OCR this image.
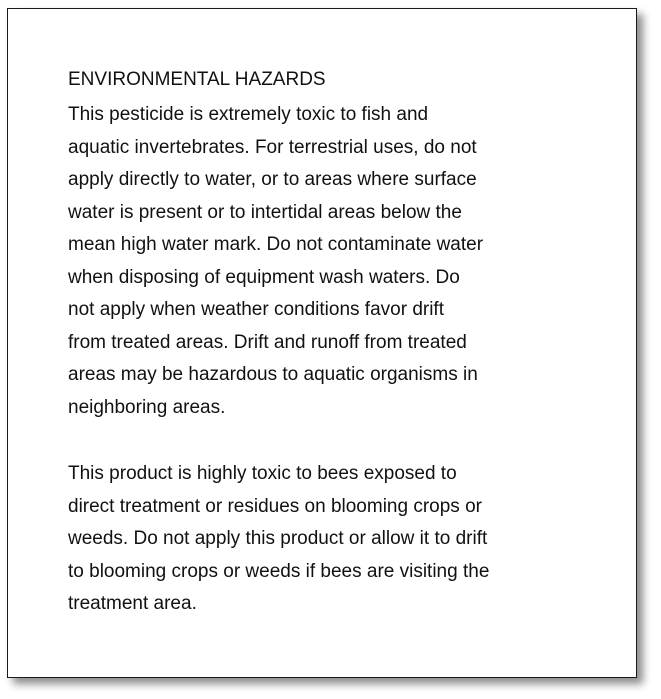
ENVIRONMENTAL HAZARDS
This pesticide is extremely toxic to fish and
aquatic invertebrates. For terrestrial uses, do not
apply directly to water, or to areas where surface
water is present or to intertidal areas below the
mean high water mark. Do not contaminate water
when disposing of equipment wash waters. Do
not apply when weather conditions favor drift
from treated areas. Drift and runoff from treated
areas may be hazardous to aquatic organisms in
neighboring areas.
This product is highly toxic to bees exposed to
direct treatment or residues on blooming crops or
weeds. Do not apply this product or allow it to drift
to blooming crops or weeds if bees are visiting the
treatment area.
